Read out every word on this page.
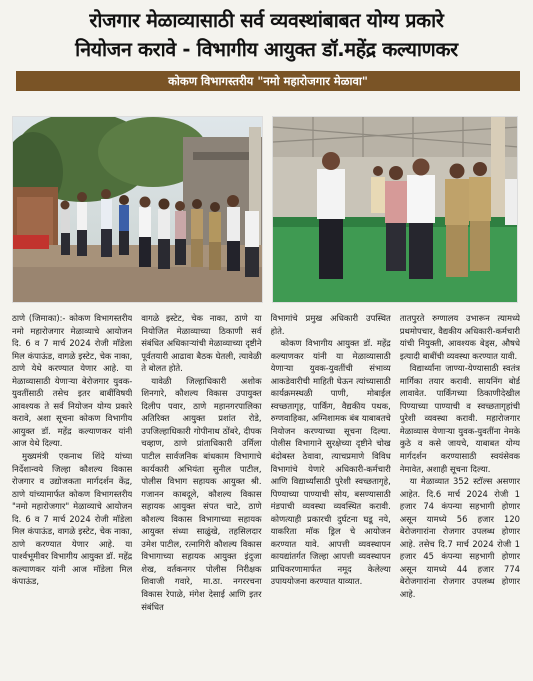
रोजगार मेळाव्यासाठी सर्व व्यवस्थांबाबत योग्य प्रकारे
नियोजन करावे - विभागीय आयुक्त डॉ.महेंद्र कल्याणकर
कोकण विभागस्तरीय "नमो महारोजगार मेळावा"

ठाणे (जिमाका):- कोकण विभागस्तरीय नमो महारोजगार मेळाव्याचे आयोजन दि. 6 व 7 मार्च 2024 रोजी मॉडेला मिल कंपाऊंड, वागळे इस्टेट, चेक नाका, ठाणे येथे करण्यात येणार आहे. या मेळाव्यासाठी येणाऱ्या बेरोजगार युवक-युवतींसाठी तसेच इतर बाबींविषयी आवश्यक ते सर्व नियोजन योग्य प्रकारे करावे, अशा सूचना कोकण विभागीय आयुक्त डॉ. महेंद्र कल्याणकर यांनी आज येथे दिल्या.

मुख्यमंत्री एकनाथ शिंदे यांच्या निर्देशान्वये जिल्हा कौशल्य विकास रोजगार व उद्योजकता मार्गदर्शन केंद्र, ठाणे यांच्यामार्फत कोकण विभागस्तरीय "नमो महारोजगार" मेळाव्याचे आयोजन दि. 6 व 7 मार्च 2024 रोजी मॉडेला मिल कंपाऊंड, वागळे इस्टेट, चेक नाका, ठाणे करण्यात येणार आहे. या पार्श्वभूमीवर विभागीय आयुक्त डॉ. महेंद्र कल्याणकर यांनी आज मॉडेला मिल कंपाऊंड,

वागळे इस्टेट, चेक नाका, ठाणे या नियोजित मेळाव्याच्या ठिकाणी सर्व संबंधित अधिकाऱ्यांची मेळाव्याच्या दृष्टीने पूर्वतयारी आढावा बैठक घेतली, त्यावेळी ते बोलत होते.

यावेळी जिल्हाधिकारी अशोक शिनगारे, कौशल्य विकास उपायुक्त दिलीप पवार, ठाणे महानगरपालिका अतिरिक्त आयुक्त प्रशांत रोडे, उपजिल्हाधिकारी गोपीनाथ ठोंबरे, दीपक चव्हाण, ठाणे प्रांताधिकारी उर्मिला पाटील सार्वजनिक बांधकाम विभागाचे कार्यकारी अभियंता सुनील पाटील, पोलीस विभाग सहायक आयुक्त श्री. गजानन काबदूले, कौशल्य विकास सहायक आयुक्त संपत चाटे, ठाणे कौशल्य विकास विभागाच्या सहायक आयुक्त संध्या साळुंखे, तहसिलदार उमेश पाटील, रत्नागिरी कौशल्य विकास विभागाच्या सहायक आयुक्त इंदुजा शेख, वर्तकनगर पोलीस निरीक्षक शिवाजी गवारे, मा.ठा. नगररचना विकास रेपाळे, मंगेश देसाई आणि इतर संबंधित

विभागांचे प्रमुख अधिकारी उपस्थित होते.

कोकण विभागीय आयुक्त डॉ. महेंद्र कल्याणकर यांनी या मेळाव्यासाठी येणाऱ्या युवक-युवतींची संभाव्य आकडेवारीची माहिती घेऊन त्यांच्यासाठी कार्यक्रमस्थळी पाणी, मोबाईल स्वच्छतागृह, पार्किंग, वैद्यकीय पथक, रुग्णवाहिका, अग्निशामक बंब याबाबतचे नियोजन करण्याच्या सूचना दिल्या. पोलीस विभागाने सुरक्षेच्या दृष्टीने चोख बंदोबस्त ठेवावा, त्याचप्रमाणे विविध विभागांचे येणारे अधिकारी-कर्मचारी आणि विद्यार्थ्यांसाठी पुरेशी स्वच्छतागृहे, पिण्याच्या पाण्याची सोय, बसण्यासाठी मंडपाची व्यवस्था व्यवस्थित करावी. कोणत्याही प्रकारची दुर्घटना घडू नये, याकरिता मॉक ड्रिल चे आयोजन करण्यात यावे. आपत्ती व्यवस्थापन कायद्यांतर्गत जिल्हा आपत्ती व्यवस्थापन प्राधिकरणामार्फत नमूद केलेल्या उपाययोजना करण्यात याव्यात.

तातपुरते रुग्णालय उभारून त्यामध्ये प्रथमोपचार, वैद्यकीय अधिकारी-कर्मचारी यांची नियुक्ती, आवश्यक बेड्स, औषधे इत्यादी बाबींची व्यवस्था करण्यात यावी.

विद्यार्थ्यांना जाण्या-येण्यासाठी स्वतंत्र मार्गिका तयार करावी. सायनिंग बोर्ड लावावेत. पार्किंगच्या ठिकाणीदेखील पिण्याच्या पाण्याची व स्वच्छतागृहांची पुरेशी व्यवस्था करावी. महारोजगार मेळाव्यास येणाऱ्या युवक-युवतींना नेमके कुठे व कसे जायचे, याबाबत योग्य मार्गदर्शन करण्यासाठी स्वयंसेवक नेमावेत, अशाही सूचना दिल्या.

या मेळाव्यात 352 स्टॉल्स असणार आहेत. दि.6 मार्च 2024 रोजी 1 हजार 74 कंपन्या सहभागी होणार असून यामध्ये 56 हजार 120 बेरोजगारांना रोजगार उपलब्ध होणार आहे. तसेच दि.7 मार्च 2024 रोजी 1 हजार 45 कंपन्या सहभागी होणार असून यामध्ये 44 हजार 774 बेरोजगारांना रोजगार उपलब्ध होणार आहे.
